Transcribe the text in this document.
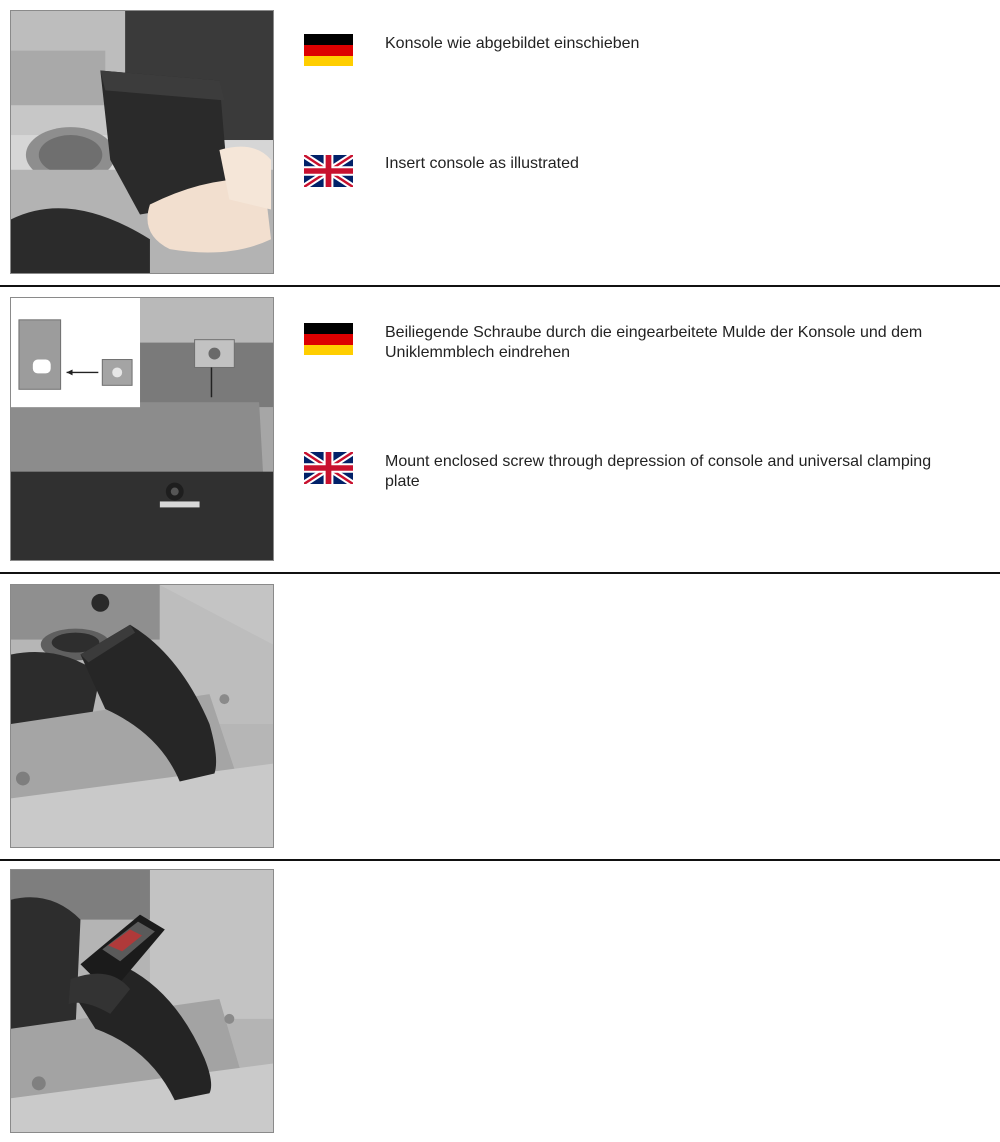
Konsole wie abgebildet einschieben
Insert console as illustrated
Beiliegende Schraube durch die eingearbeitete Mulde der Konsole und dem Uniklemmblech eindrehen
Mount enclosed screw through depression of console and universal clamping plate
